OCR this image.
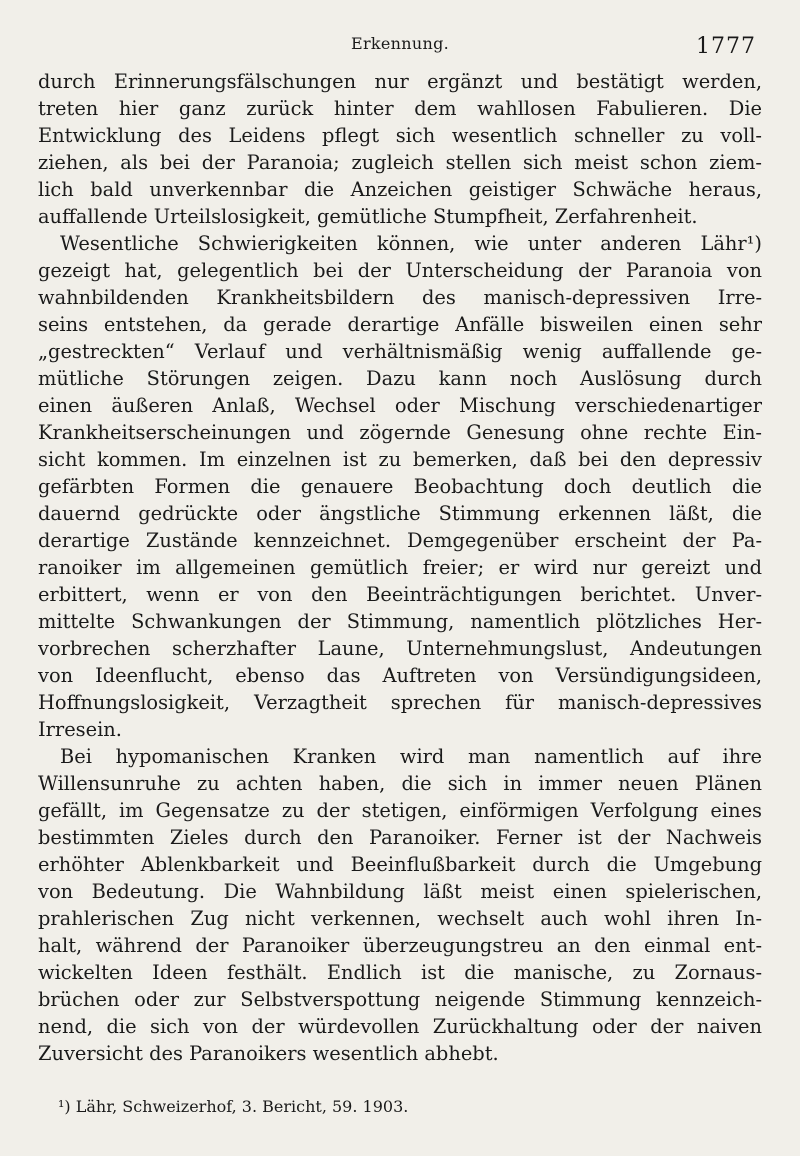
Erkennung.	1777
durch Erinnerungsfälschungen nur ergänzt und bestätigt werden,
treten hier ganz zurück hinter dem wahllosen Fabulieren. Die
Entwicklung des Leidens pflegt sich wesentlich schneller zu voll-
ziehen, als bei der Paranoia; zugleich stellen sich meist schon ziem-
lich bald unverkennbar die Anzeichen geistiger Schwäche heraus,
auffallende Urteilslosigkeit, gemütliche Stumpfheit, Zerfahrenheit.
Wesentliche Schwierigkeiten können, wie unter anderen Lähr¹)
gezeigt hat, gelegentlich bei der Unterscheidung der Paranoia von
wahnbildenden Krankheitsbildern des manisch-depressiven Irre-
seins entstehen, da gerade derartige Anfälle bisweilen einen sehr
„gestreckten“ Verlauf und verhältnismäßig wenig auffallende ge-
mütliche Störungen zeigen. Dazu kann noch Auslösung durch
einen äußeren Anlaß, Wechsel oder Mischung verschiedenartiger
Krankheitserscheinungen und zögernde Genesung ohne rechte Ein-
sicht kommen. Im einzelnen ist zu bemerken, daß bei den depressiv
gefärbten Formen die genauere Beobachtung doch deutlich die
dauernd gedrückte oder ängstliche Stimmung erkennen läßt, die
derartige Zustände kennzeichnet. Demgegenüber erscheint der Pa-
ranoiker im allgemeinen gemütlich freier; er wird nur gereizt und
erbittert, wenn er von den Beeinträchtigungen berichtet. Unver-
mittelte Schwankungen der Stimmung, namentlich plötzliches Her-
vorbrechen scherzhafter Laune, Unternehmungslust, Andeutungen
von Ideenflucht, ebenso das Auftreten von Versündigungsideen,
Hoffnungslosigkeit, Verzagtheit sprechen für manisch-depressives
Irresein.
Bei hypomanischen Kranken wird man namentlich auf ihre
Willensunruhe zu achten haben, die sich in immer neuen Plänen
gefällt, im Gegensatze zu der stetigen, einförmigen Verfolgung eines
bestimmten Zieles durch den Paranoiker. Ferner ist der Nachweis
erhöhter Ablenkbarkeit und Beeinflußbarkeit durch die Umgebung
von Bedeutung. Die Wahnbildung läßt meist einen spielerischen,
prahlerischen Zug nicht verkennen, wechselt auch wohl ihren In-
halt, während der Paranoiker überzeugungstreu an den einmal ent-
wickelten Ideen festhält. Endlich ist die manische, zu Zornaus-
brüchen oder zur Selbstverspottung neigende Stimmung kennzeich-
nend, die sich von der würdevollen Zurückhaltung oder der naiven
Zuversicht des Paranoikers wesentlich abhebt.
¹) Lähr, Schweizerhof, 3. Bericht, 59. 1903.
